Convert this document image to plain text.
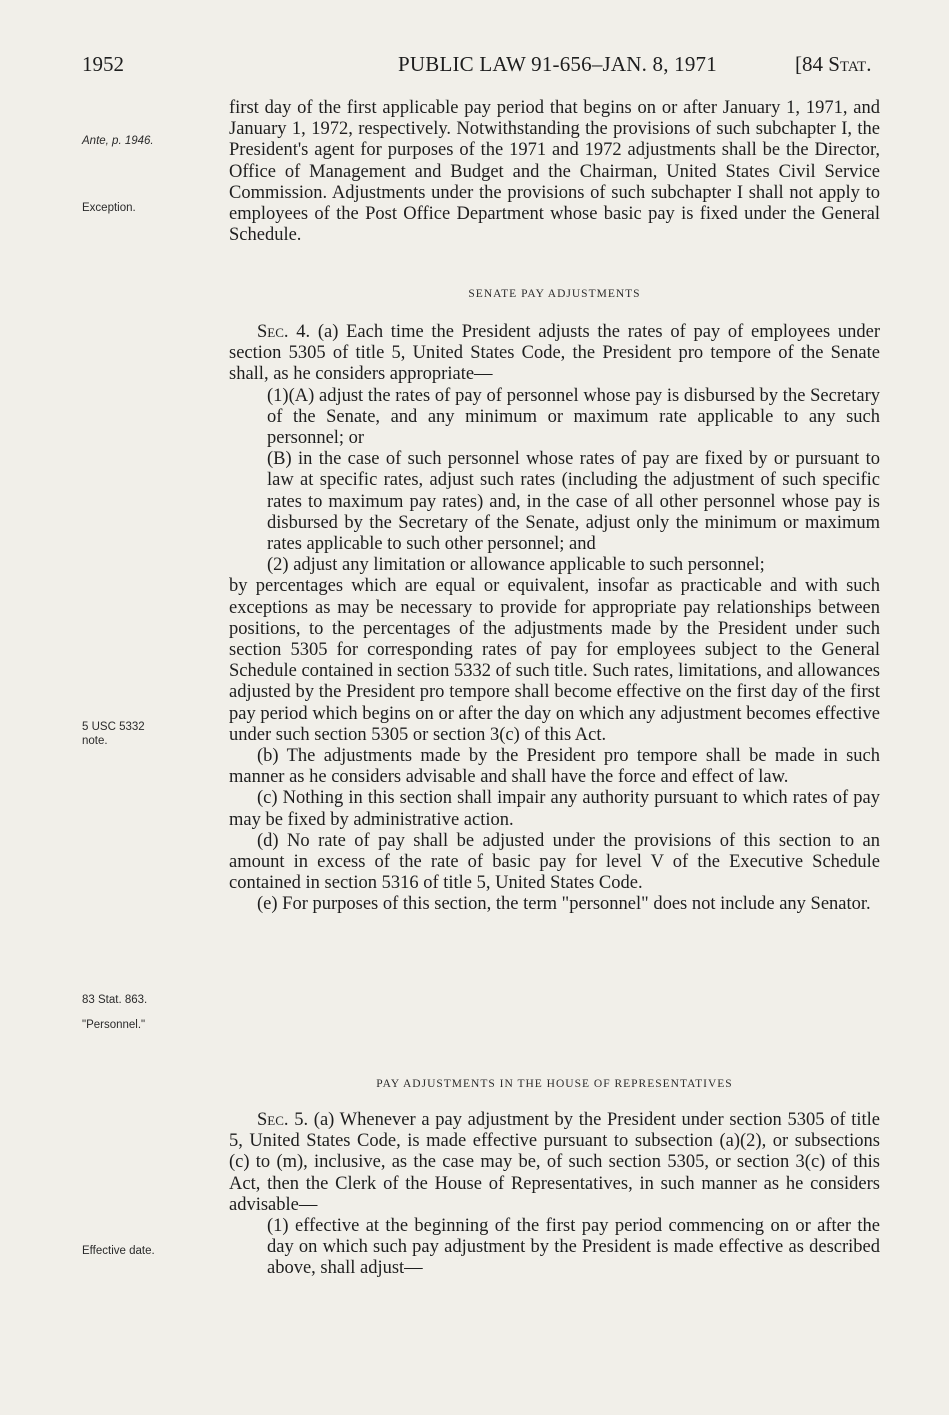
1952	PUBLIC LAW 91-656–JAN. 8, 1971	[84 Stat.
Ante, p. 1946.
Exception.
5 USC 5332
note.
83 Stat. 863.
"Personnel."
Effective date.

first day of the first applicable pay period that begins on or after January 1, 1971, and January 1, 1972, respectively. Notwithstanding the provisions of such subchapter I, the President's agent for purposes of the 1971 and 1972 adjustments shall be the Director, Office of Management and Budget and the Chairman, United States Civil Service Commission. Adjustments under the provisions of such subchapter I shall not apply to employees of the Post Office Department whose basic pay is fixed under the General Schedule.

SENATE PAY ADJUSTMENTS

Sec. 4. (a) Each time the President adjusts the rates of pay of employees under section 5305 of title 5, United States Code, the President pro tempore of the Senate shall, as he considers appropriate—

(1)(A) adjust the rates of pay of personnel whose pay is disbursed by the Secretary of the Senate, and any minimum or maximum rate applicable to any such personnel; or

(B) in the case of such personnel whose rates of pay are fixed by or pursuant to law at specific rates, adjust such rates (including the adjustment of such specific rates to maximum pay rates) and, in the case of all other personnel whose pay is disbursed by the Secretary of the Senate, adjust only the minimum or maximum rates applicable to such other personnel; and

(2) adjust any limitation or allowance applicable to such personnel;

by percentages which are equal or equivalent, insofar as practicable and with such exceptions as may be necessary to provide for appropriate pay relationships between positions, to the percentages of the adjustments made by the President under such section 5305 for corresponding rates of pay for employees subject to the General Schedule contained in section 5332 of such title. Such rates, limitations, and allowances adjusted by the President pro tempore shall become effective on the first day of the first pay period which begins on or after the day on which any adjustment becomes effective under such section 5305 or section 3(c) of this Act.

(b) The adjustments made by the President pro tempore shall be made in such manner as he considers advisable and shall have the force and effect of law.

(c) Nothing in this section shall impair any authority pursuant to which rates of pay may be fixed by administrative action.

(d) No rate of pay shall be adjusted under the provisions of this section to an amount in excess of the rate of basic pay for level V of the Executive Schedule contained in section 5316 of title 5, United States Code.

(e) For purposes of this section, the term "personnel" does not include any Senator.

PAY ADJUSTMENTS IN THE HOUSE OF REPRESENTATIVES

Sec. 5. (a) Whenever a pay adjustment by the President under section 5305 of title 5, United States Code, is made effective pursuant to subsection (a)(2), or subsections (c) to (m), inclusive, as the case may be, of such section 5305, or section 3(c) of this Act, then the Clerk of the House of Representatives, in such manner as he considers advisable—

(1) effective at the beginning of the first pay period commencing on or after the day on which such pay adjustment by the President is made effective as described above, shall adjust—
